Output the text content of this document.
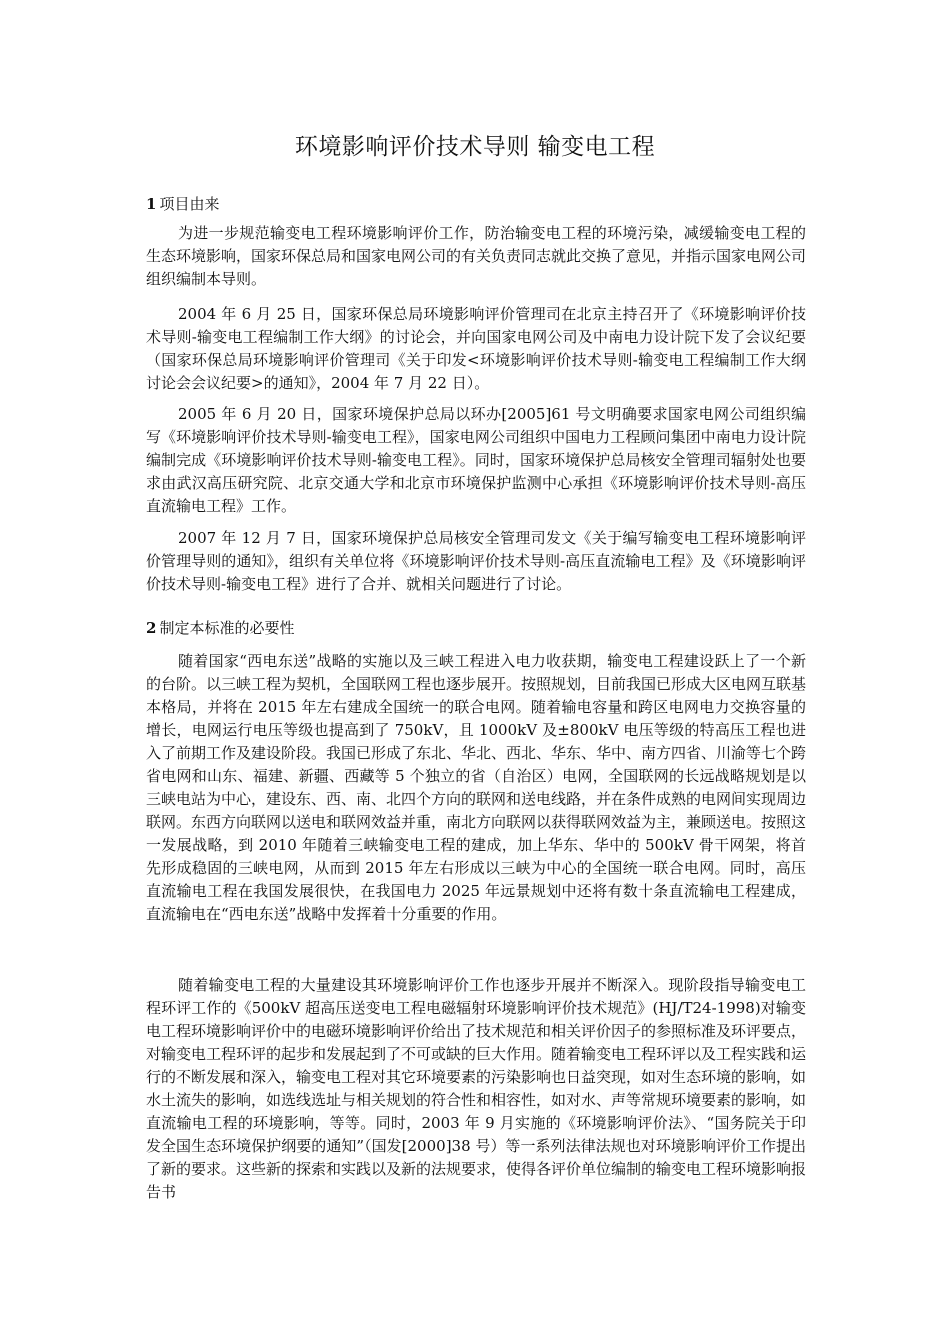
环境影响评价技术导则 输变电工程
1 项目由来

为进一步规范输变电工程环境影响评价工作，防治输变电工程的环境污染，减缓输变电工程的生态环境影响，国家环保总局和国家电网公司的有关负责同志就此交换了意见，并指示国家电网公司组织编制本导则。

2004 年 6 月 25 日，国家环保总局环境影响评价管理司在北京主持召开了《环境影响评价技术导则-输变电工程编制工作大纲》的讨论会，并向国家电网公司及中南电力设计院下发了会议纪要（国家环保总局环境影响评价管理司《关于印发<环境影响评价技术导则-输变电工程编制工作大纲讨论会会议纪要>的通知》，2004 年 7 月 22 日）。

2005 年 6 月 20 日，国家环境保护总局以环办[2005]61 号文明确要求国家电网公司组织编写《环境影响评价技术导则-输变电工程》，国家电网公司组织中国电力工程顾问集团中南电力设计院编制完成《环境影响评价技术导则-输变电工程》。同时，国家环境保护总局核安全管理司辐射处也要求由武汉高压研究院、北京交通大学和北京市环境保护监测中心承担《环境影响评价技术导则-高压直流输电工程》工作。

2007 年 12 月 7 日，国家环境保护总局核安全管理司发文《关于编写输变电工程环境影响评价管理导则的通知》，组织有关单位将《环境影响评价技术导则-高压直流输电工程》及《环境影响评价技术导则-输变电工程》进行了合并、就相关问题进行了讨论。

2 制定本标准的必要性

随着国家“西电东送”战略的实施以及三峡工程进入电力收获期，输变电工程建设跃上了一个新的台阶。以三峡工程为契机，全国联网工程也逐步展开。按照规划，目前我国已形成大区电网互联基本格局，并将在 2015 年左右建成全国统一的联合电网。随着输电容量和跨区电网电力交换容量的增长，电网运行电压等级也提高到了 750kV，且 1000kV 及±800kV 电压等级的特高压工程也进入了前期工作及建设阶段。我国已形成了东北、华北、西北、华东、华中、南方四省、川渝等七个跨省电网和山东、福建、新疆、西藏等 5 个独立的省（自治区）电网，全国联网的长远战略规划是以三峡电站为中心，建设东、西、南、北四个方向的联网和送电线路，并在条件成熟的电网间实现周边联网。东西方向联网以送电和联网效益并重，南北方向联网以获得联网效益为主，兼顾送电。按照这一发展战略，到 2010 年随着三峡输变电工程的建成，加上华东、华中的 500kV 骨干网架，将首先形成稳固的三峡电网，从而到 2015 年左右形成以三峡为中心的全国统一联合电网。同时，高压直流输电工程在我国发展很快，在我国电力 2025 年远景规划中还将有数十条直流输电工程建成，直流输电在“西电东送”战略中发挥着十分重要的作用。

随着输变电工程的大量建设其环境影响评价工作也逐步开展并不断深入。现阶段指导输变电工程环评工作的《500kV 超高压送变电工程电磁辐射环境影响评价技术规范》(HJ/T24-1998)对输变电工程环境影响评价中的电磁环境影响评价给出了技术规范和相关评价因子的参照标准及环评要点，对输变电工程环评的起步和发展起到了不可或缺的巨大作用。随着输变电工程环评以及工程实践和运行的不断发展和深入，输变电工程对其它环境要素的污染影响也日益突现，如对生态环境的影响，如水土流失的影响，如选线选址与相关规划的符合性和相容性，如对水、声等常规环境要素的影响，如直流输电工程的环境影响，等等。同时，2003 年 9 月实施的《环境影响评价法》、“国务院关于印发全国生态环境保护纲要的通知”（国发[2000]38 号）等一系列法律法规也对环境影响评价工作提出了新的要求。这些新的探索和实践以及新的法规要求，使得各评价单位编制的输变电工程环境影响报告书
